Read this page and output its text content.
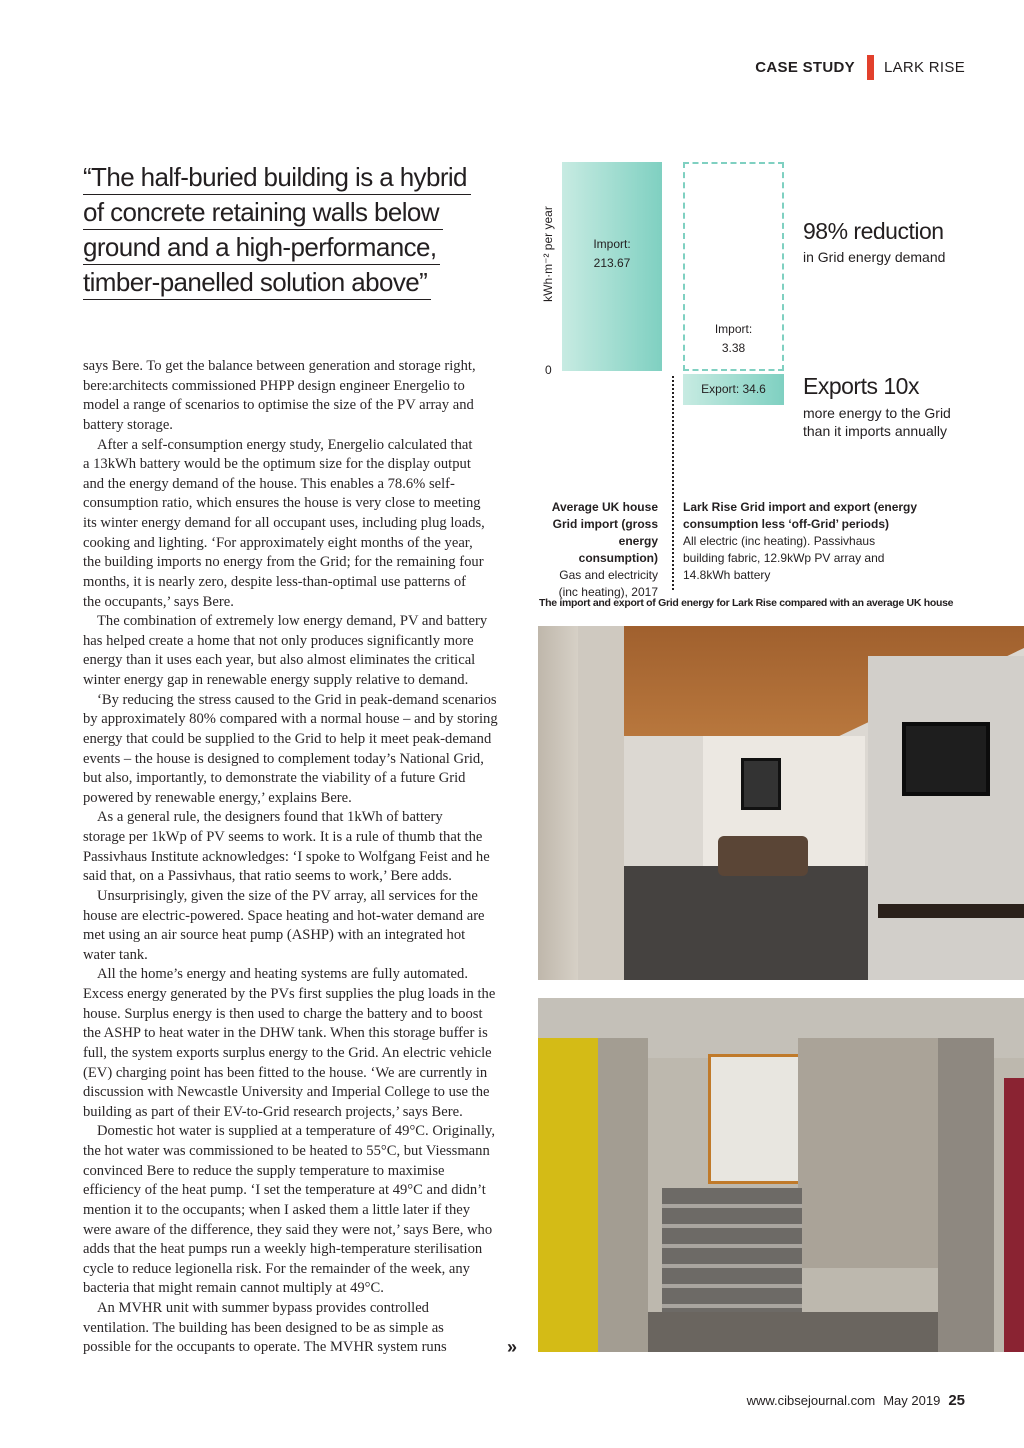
CASE STUDY LARK RISE
“The half-buried building is a hybrid
of concrete retaining walls below
ground and a high-performance,
timber-panelled solution above”

says Bere. To get the balance between generation and storage right,
bere:architects commissioned PHPP design engineer Energelio to
model a range of scenarios to optimise the size of the PV array and
battery storage.

After a self-consumption energy study, Energelio calculated that
a 13kWh battery would be the optimum size for the display output
and the energy demand of the house. This enables a 78.6% self-
consumption ratio, which ensures the house is very close to meeting
its winter energy demand for all occupant uses, including plug loads,
cooking and lighting. ‘For approximately eight months of the year,
the building imports no energy from the Grid; for the remaining four
months, it is nearly zero, despite less-than-optimal use patterns of
the occupants,’ says Bere.

The combination of extremely low energy demand, PV and battery
has helped create a home that not only produces significantly more
energy than it uses each year, but also almost eliminates the critical
winter energy gap in renewable energy supply relative to demand.

‘By reducing the stress caused to the Grid in peak-demand scenarios
by approximately 80% compared with a normal house – and by storing
energy that could be supplied to the Grid to help it meet peak-demand
events – the house is designed to complement today’s National Grid,
but also, importantly, to demonstrate the viability of a future Grid
powered by renewable energy,’ explains Bere.

As a general rule, the designers found that 1kWh of battery
storage per 1kWp of PV seems to work. It is a rule of thumb that the
Passivhaus Institute acknowledges: ‘I spoke to Wolfgang Feist and he
said that, on a Passivhaus, that ratio seems to work,’ Bere adds.

Unsurprisingly, given the size of the PV array, all services for the
house are electric-powered. Space heating and hot-water demand are
met using an air source heat pump (ASHP) with an integrated hot
water tank.

All the home’s energy and heating systems are fully automated.
Excess energy generated by the PVs first supplies the plug loads in the
house. Surplus energy is then used to charge the battery and to boost
the ASHP to heat water in the DHW tank. When this storage buffer is
full, the system exports surplus energy to the Grid. An electric vehicle
(EV) charging point has been fitted to the house. ‘We are currently in
discussion with Newcastle University and Imperial College to use the
building as part of their EV-to-Grid research projects,’ says Bere.

Domestic hot water is supplied at a temperature of 49°C. Originally,
the hot water was commissioned to be heated to 55°C, but Viessmann
convinced Bere to reduce the supply temperature to maximise
efficiency of the heat pump. ‘I set the temperature at 49°C and didn’t
mention it to the occupants; when I asked them a little later if they
were aware of the difference, they said they were not,’ says Bere, who
adds that the heat pumps run a weekly high-temperature sterilisation
cycle to reduce legionella risk. For the remainder of the week, any
bacteria that might remain cannot multiply at 49°C.

An MVHR unit with summer bypass provides controlled
ventilation. The building has been designed to be as simple as
possible for the occupants to operate. The MVHR system runs	»
kWh·m⁻² per year
0
Import:
213.67
Import:
3.38
Export: 34.6
98% reduction
in Grid energy demand
Exports 10x
more energy to the Grid than it imports annually
Average UK house Grid import (gross energy consumption)
Gas and electricity (inc heating), 2017
Lark Rise Grid import and export (energy consumption less ‘off-Grid’ periods)
All electric (inc heating). Passivhaus building fabric, 12.9kWp PV array and 14.8kWh battery
The import and export of Grid energy for Lark Rise compared with an average UK house
www.cibsejournal.com May 2019 25
